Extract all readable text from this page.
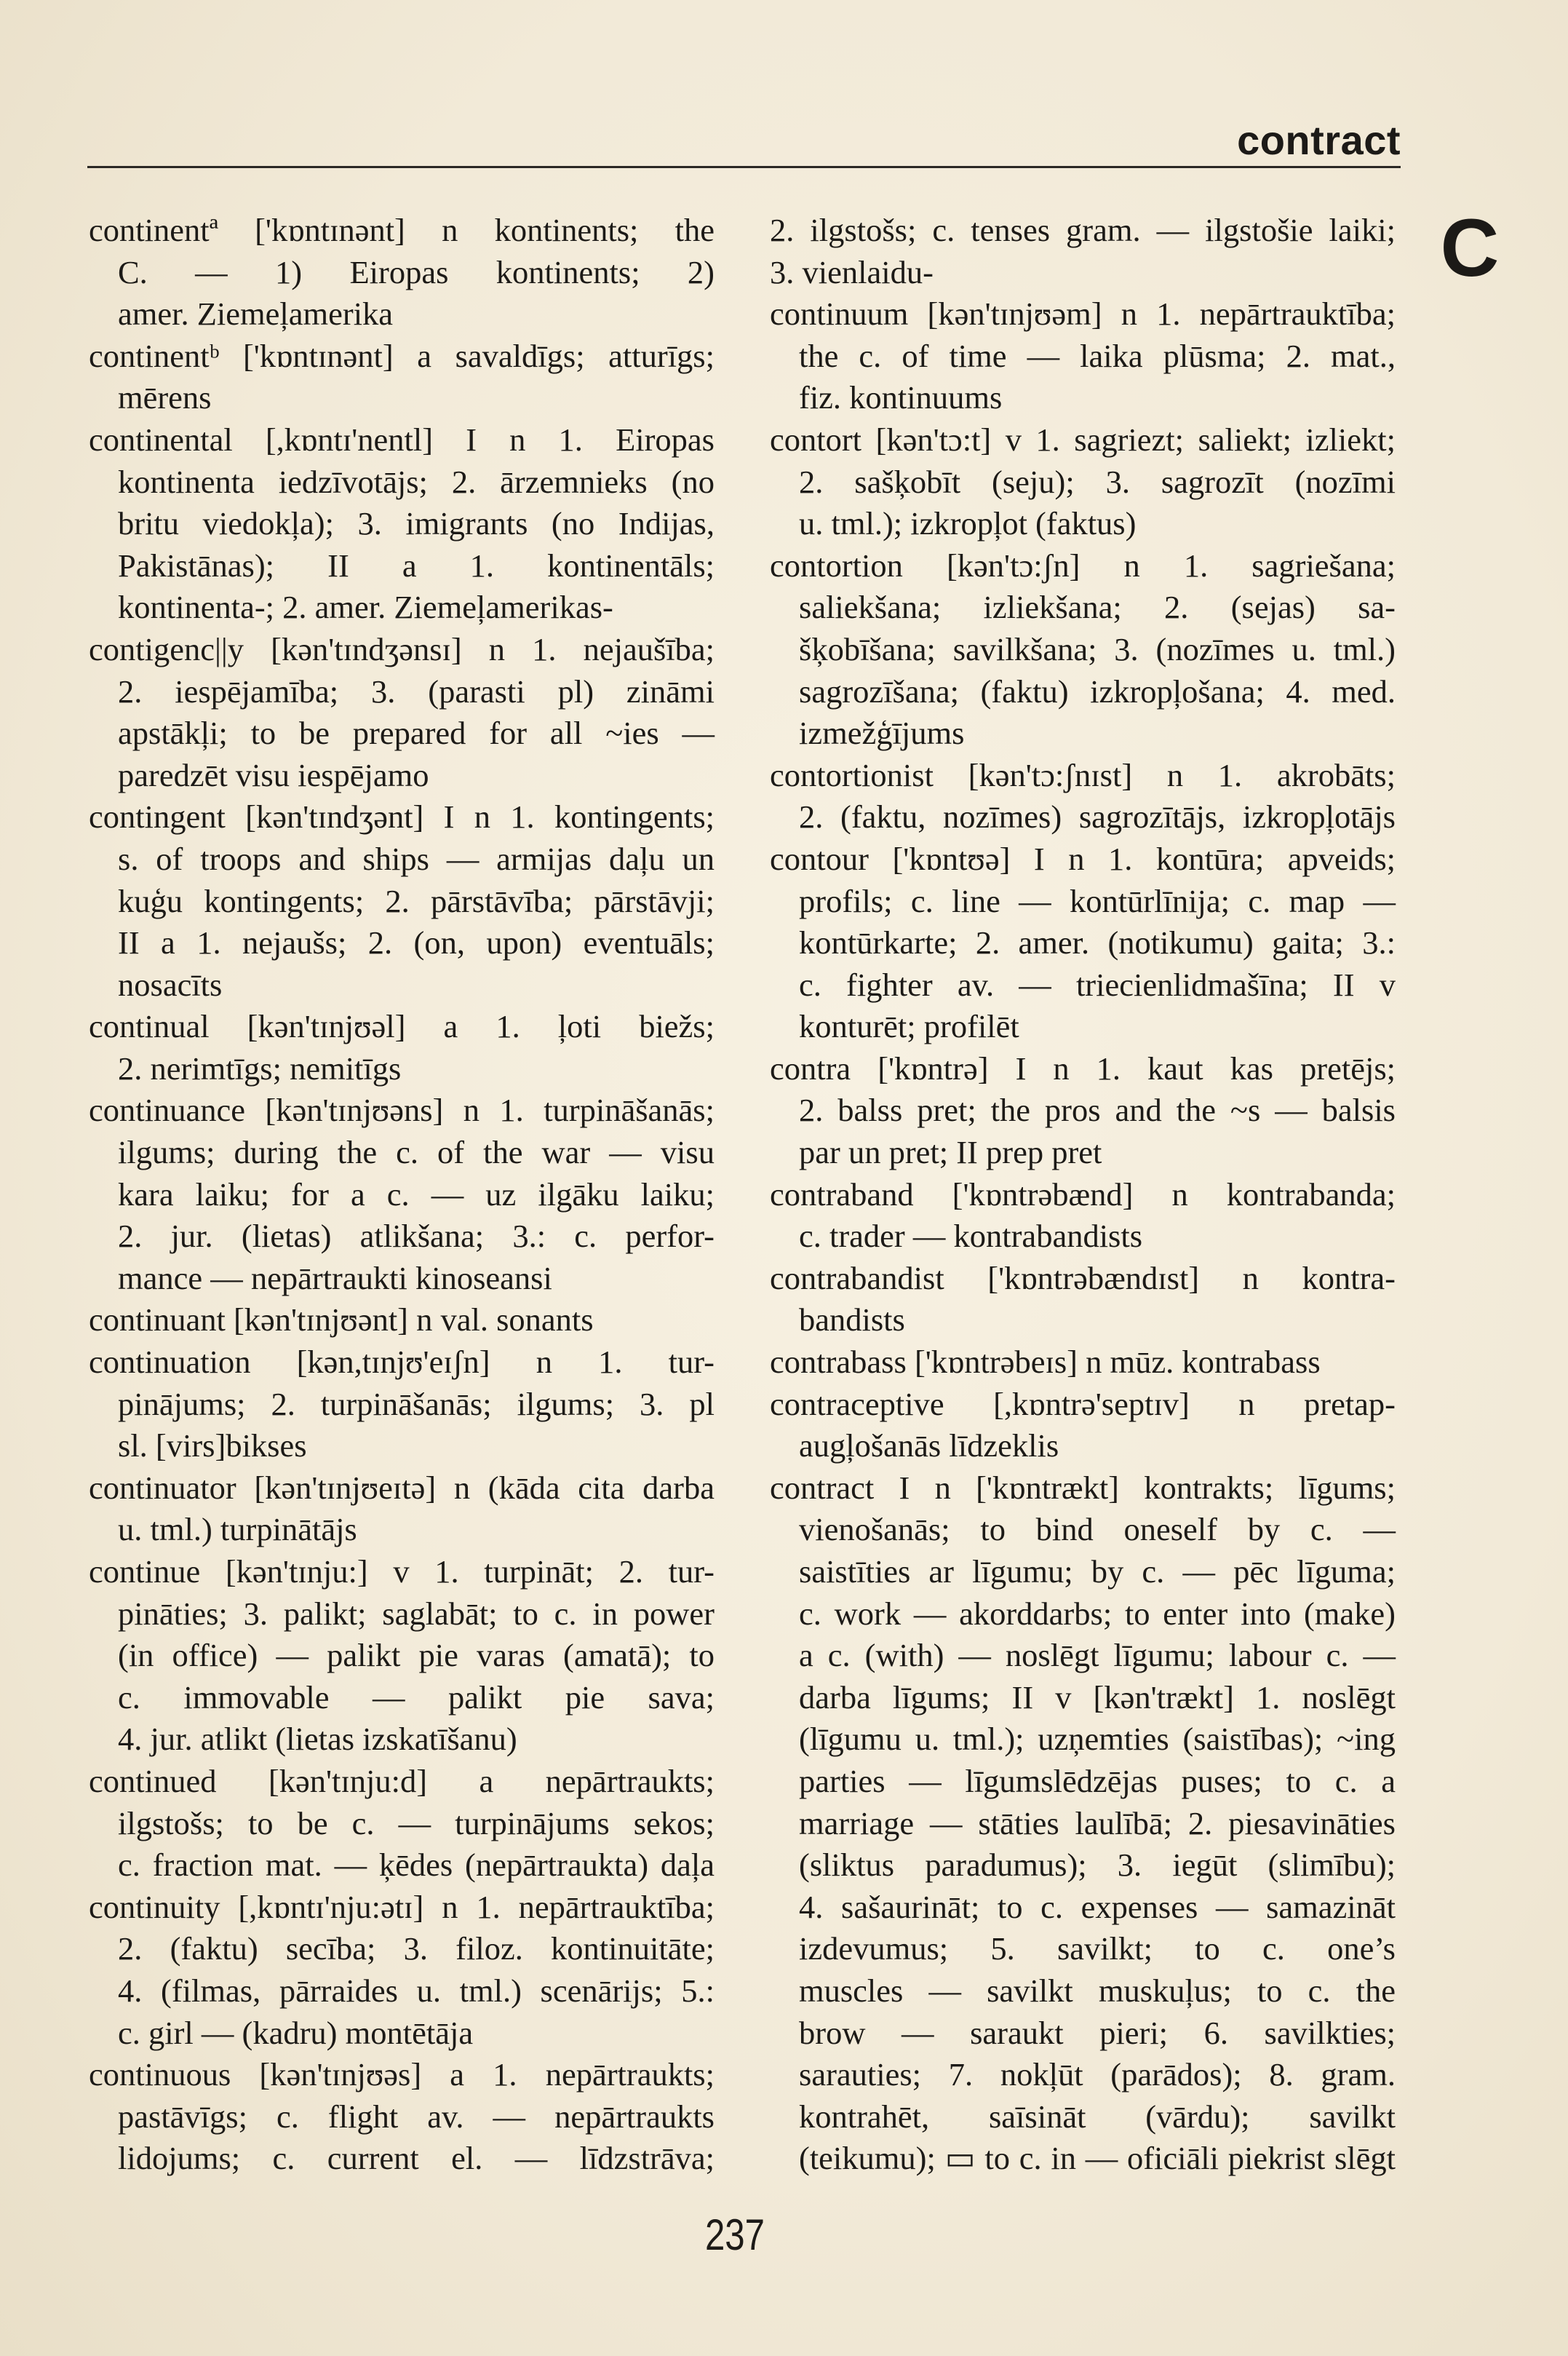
contract
C
continentª ['kɒntɪnənt] n kontinents; the
C. — 1) Eiropas kontinents; 2)
amer. Ziemeļamerika
continentᵇ ['kɒntɪnənt] a savaldīgs; atturīgs;
mērens
continental [,kɒntɪ'nentl] I n 1. Eiropas
kontinenta iedzīvotājs; 2. ārzemnieks (no
britu viedokļa); 3. imigrants (no Indijas,
Pakistānas); II a 1. kontinentāls;
kontinenta-; 2. amer. Ziemeļamerikas-
contigenc||y [kən'tɪndʒənsɪ] n 1. nejaušība;
2. iespējamība; 3. (parasti pl) zināmi
apstākļi; to be prepared for all ~ies —
paredzēt visu iespējamo
contingent [kən'tɪndʒənt] I n 1. kontingents;
s. of troops and ships — armijas daļu un
kuģu kontingents; 2. pārstāvība; pārstāvji;
II a 1. nejaušs; 2. (on, upon) eventuāls;
nosacīts
continual [kən'tɪnjʊəl] a 1. ļoti biežs;
2. nerimtīgs; nemitīgs
continuance [kən'tɪnjʊəns] n 1. turpināšanās;
ilgums; during the c. of the war — visu
kara laiku; for a c. — uz ilgāku laiku;
2. jur. (lietas) atlikšana; 3.: c. perfor-
mance — nepārtraukti kinoseansi
continuant [kən'tɪnjʊənt] n val. sonants
continuation [kən,tɪnjʊ'eɪʃn] n 1. tur-
pinājums; 2. turpināšanās; ilgums; 3. pl
sl. [virs]bikses
continuator [kən'tɪnjʊeɪtə] n (kāda cita darba
u. tml.) turpinātājs
continue [kən'tɪnju:] v 1. turpināt; 2. tur-
pināties; 3. palikt; saglabāt; to c. in power
(in office) — palikt pie varas (amatā); to
c. immovable — palikt pie sava;
4. jur. atlikt (lietas izskatīšanu)
continued [kən'tɪnju:d] a nepārtraukts;
ilgstošs; to be c. — turpinājums sekos;
c. fraction mat. — ķēdes (nepārtraukta) daļa
continuity [,kɒntɪ'nju:ətɪ] n 1. nepārtrauktība;
2. (faktu) secība; 3. filoz. kontinuitāte;
4. (filmas, pārraides u. tml.) scenārijs; 5.:
c. girl — (kadru) montētāja
continuous [kən'tɪnjʊəs] a 1. nepārtraukts;
pastāvīgs; c. flight av. — nepārtraukts
lidojums; c. current el. — līdzstrāva;
2. ilgstošs; c. tenses gram. — ilgstošie laiki;
3. vienlaidu-
continuum [kən'tɪnjʊəm] n 1. nepārtrauktība;
the c. of time — laika plūsma; 2. mat.,
fiz. kontinuums
contort [kən'tɔ:t] v 1. sagriezt; saliekt; izliekt;
2. sašķobīt (seju); 3. sagrozīt (nozīmi
u. tml.); izkropļot (faktus)
contortion [kən'tɔ:ʃn] n 1. sagriešana;
saliekšana; izliekšana; 2. (sejas) sa-
šķobīšana; savilkšana; 3. (nozīmes u. tml.)
sagrozīšana; (faktu) izkropļošana; 4. med.
izmežģījums
contortionist [kən'tɔ:ʃnɪst] n 1. akrobāts;
2. (faktu, nozīmes) sagrozītājs, izkropļotājs
contour ['kɒntʊə] I n 1. kontūra; apveids;
profils; c. line — kontūrlīnija; c. map —
kontūrkarte; 2. amer. (notikumu) gaita; 3.:
c. fighter av. — triecienlidmašīna; II v
konturēt; profilēt
contra ['kɒntrə] I n 1. kaut kas pretējs;
2. balss pret; the pros and the ~s — balsis
par un pret; II prep pret
contraband ['kɒntrəbænd] n kontrabanda;
c. trader — kontrabandists
contrabandist ['kɒntrəbændɪst] n kontra-
bandists
contrabass ['kɒntrəbeɪs] n mūz. kontrabass
contraceptive [,kɒntrə'septɪv] n pretap-
augļošanās līdzeklis
contract I n ['kɒntrækt] kontrakts; līgums;
vienošanās; to bind oneself by c. —
saistīties ar līgumu; by c. — pēc līguma;
c. work — akorddarbs; to enter into (make)
a c. (with) — noslēgt līgumu; labour c. —
darba līgums; II v [kən'trækt] 1. noslēgt
(līgumu u. tml.); uzņemties (saistības); ~ing
parties — līgumslēdzējas puses; to c. a
marriage — stāties laulībā; 2. piesavināties
(sliktus paradumus); 3. iegūt (slimību);
4. sašaurināt; to c. expenses — samazināt
izdevumus; 5. savilkt; to c. one’s
muscles — savilkt muskuļus; to c. the
brow — saraukt pieri; 6. savilkties;
sarauties; 7. nokļūt (parādos); 8. gram.
kontrahēt, saīsināt (vārdu); savilkt
(teikumu); ▭ to c. in — oficiāli piekrist slēgt
237
